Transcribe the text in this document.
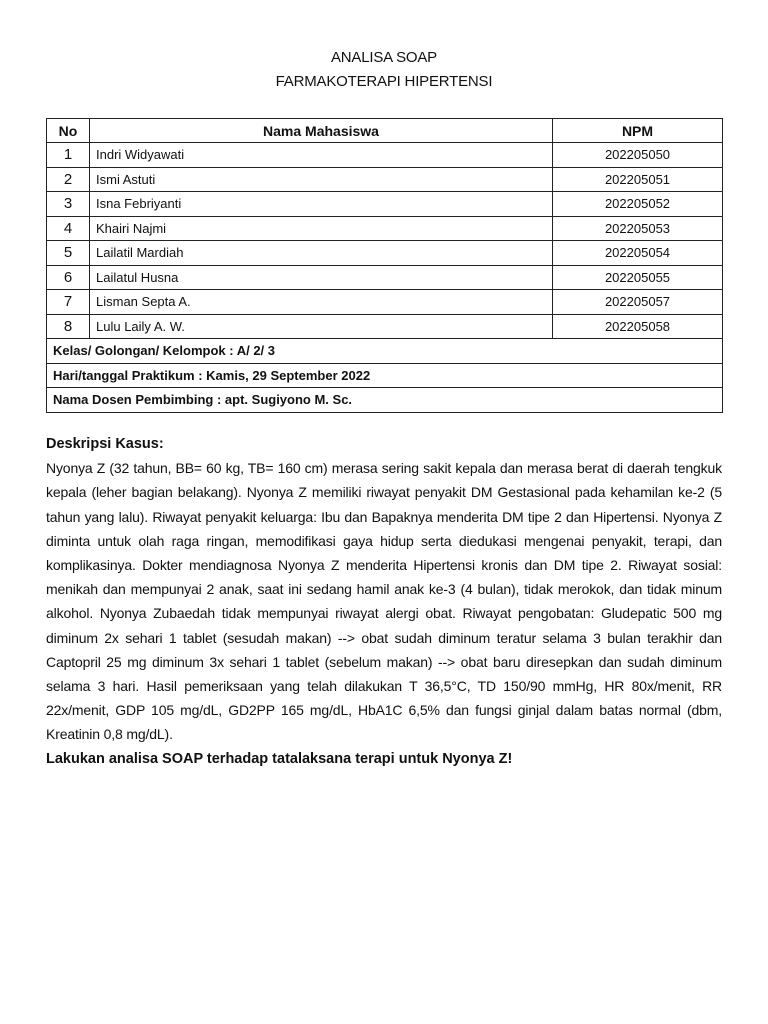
ANALISA SOAP
FARMAKOTERAPI HIPERTENSI
No	Nama Mahasiswa	NPM
1	Indri Widyawati	202205050
2	Ismi Astuti	202205051
3	Isna Febriyanti	202205052
4	Khairi Najmi	202205053
5	Lailatil Mardiah	202205054
6	Lailatul Husna	202205055
7	Lisman Septa A.	202205057
8	Lulu Laily A. W.	202205058
Kelas/ Golongan/ Kelompok : A/ 2/ 3		
Hari/tanggal Praktikum : Kamis, 29 September 2022		
Nama Dosen Pembimbing : apt. Sugiyono M. Sc.		

Deskripsi Kasus:

Nyonya Z (32 tahun, BB= 60 kg, TB= 160 cm) merasa sering sakit kepala dan merasa berat di daerah tengkuk kepala (leher bagian belakang). Nyonya Z memiliki riwayat penyakit DM Gestasional pada kehamilan ke-2 (5 tahun yang lalu). Riwayat penyakit keluarga: Ibu dan Bapaknya menderita DM tipe 2 dan Hipertensi. Nyonya Z diminta untuk olah raga ringan, memodifikasi gaya hidup serta diedukasi mengenai penyakit, terapi, dan komplikasinya. Dokter mendiagnosa Nyonya Z menderita Hipertensi kronis dan DM tipe 2. Riwayat sosial: menikah dan mempunyai 2 anak, saat ini sedang hamil anak ke-3 (4 bulan), tidak merokok, dan tidak minum alkohol. Nyonya Zubaedah tidak mempunyai riwayat alergi obat. Riwayat pengobatan: Gludepatic 500 mg diminum 2x sehari 1 tablet (sesudah makan) --> obat sudah diminum teratur selama 3 bulan terakhir dan Captopril 25 mg diminum 3x sehari 1 tablet (sebelum makan) --> obat baru diresepkan dan sudah diminum selama 3 hari. Hasil pemeriksaan yang telah dilakukan T 36,5°C, TD 150/90 mmHg, HR 80x/menit, RR 22x/menit, GDP 105 mg/dL, GD2PP 165 mg/dL, HbA1C 6,5% dan fungsi ginjal dalam batas normal (dbm, Kreatinin 0,8 mg/dL).

Lakukan analisa SOAP terhadap tatalaksana terapi untuk Nyonya Z!
